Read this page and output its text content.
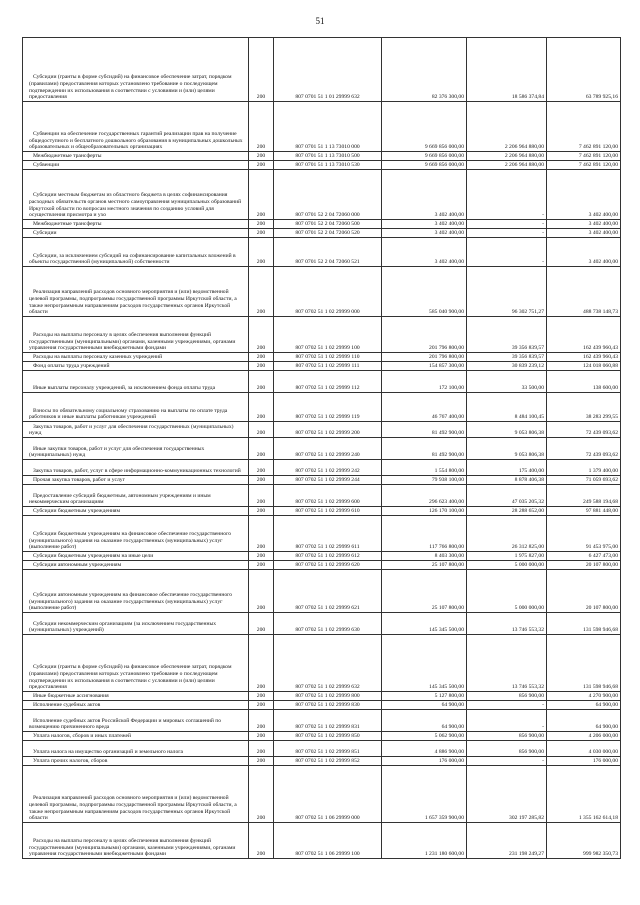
51
Субсидии (гранты в форме субсидий) на финансовое обеспечение затрат, порядком (правилами) предоставления которых установлено требование о последующем подтверждении их использования в соответствии с условиями и (или) целями предоставления	200	807 0701 51 1 01 29999 632	82 376 300,00	18 586 374,84	63 789 925,16

Субвенции на обеспечение государственных гарантий реализации прав на получение общедоступного и бесплатного дошкольного образования в муниципальных дошкольных образовательных и общеобразовательных организациях	200	807 0701 51 1 13 73010 000	9 669 856 000,00	2 206 964 880,00	7 462 891 120,00

Межбюджетные трансферты	200	807 0701 51 1 13 73010 500	9 669 856 000,00	2 206 964 880,00	7 462 891 120,00

Субвенции	200	807 0701 51 1 13 73010 530	9 669 856 000,00	2 206 964 880,00	7 462 891 120,00

Субсидии местным бюджетам из областного бюджета в целях софинансирования расходных обязательств органов местного самоуправления муниципальных образований Иркутской области по вопросам местного значения по созданию условий для осуществления присмотра и ухо	200	807 0701 52 2 04 72060 000	3 402 400,00	-	3 402 400,00

Межбюджетные трансферты	200	807 0701 52 2 04 72060 500	3 402 400,00	-	3 402 400,00

Субсидии	200	807 0701 52 2 04 72060 520	3 402 400,00	-	3 402 400,00

Субсидии, за исключением субсидий на софинансирование капитальных вложений в объекты государственной (муниципальной) собственности	200	807 0701 52 2 04 72060 521	3 402 400,00	-	3 402 400,00

Реализация направлений расходов основного мероприятия и (или) ведомственной целевой программы, подпрограммы государственной программы Иркутской области, а также непрограммным направлениям расходов государственных органов Иркутской области	200	807 0702 51 1 02 29999 000	585 040 900,00	96 302 751,27	488 738 148,73

Расходы на выплаты персоналу в целях обеспечения выполнения функций государственными (муниципальными) органами, казенными учреждениями, органами управления государственными внебюджетными фондами	200	807 0702 51 1 02 29999 100	201 796 800,00	39 356 839,57	162 439 960,43

Расходы на выплаты персоналу казенных учреждений	200	807 0702 51 1 02 29999 110	201 796 800,00	39 356 839,57	162 439 960,43

Фонд оплаты труда учреждений	200	807 0702 51 1 02 29999 111	154 857 300,00	30 839 239,12	124 018 060,88

Иные выплаты персоналу учреждений, за исключением фонда оплаты труда	200	807 0702 51 1 02 29999 112	172 100,00	33 500,00	138 600,00

Взносы по обязательному социальному страхованию на выплаты по оплате труда работников и иные выплаты работникам учреждений	200	807 0702 51 1 02 29999 119	46 767 400,00	8 484 100,45	38 283 299,55

Закупка товаров, работ и услуг для обеспечения государственных (муниципальных) нужд	200	807 0702 51 1 02 29999 200	81 492 900,00	9 053 806,38	72 439 093,62

Иные закупки товаров, работ и услуг для обеспечения государственных (муниципальных) нужд	200	807 0702 51 1 02 29999 240	81 492 900,00	9 053 806,38	72 439 093,62

Закупка товаров, работ, услуг в сфере информационно-коммуникационных технологий	200	807 0702 51 1 02 29999 242	1 554 800,00	175 400,00	1 379 400,00

Прочая закупка товаров, работ и услуг	200	807 0702 51 1 02 29999 244	79 938 100,00	8 878 406,38	71 059 693,62

Предоставление субсидий бюджетным, автономным учреждениям и иным некоммерческим организациям	200	807 0702 51 1 02 29999 600	296 623 400,00	47 035 205,32	249 588 194,68

Субсидии бюджетным учреждениям	200	807 0702 51 1 02 29999 610	126 170 100,00	28 288 652,00	97 881 448,00

Субсидии бюджетным учреждениям на финансовое обеспечение государственного (муниципального) задания на оказание государственных (муниципальных) услуг (выполнение работ)	200	807 0702 51 1 02 29999 611	117 766 800,00	26 312 825,00	91 453 975,00

Субсидии бюджетным учреждениям на иные цели	200	807 0702 51 1 02 29999 612	8 403 300,00	1 975 827,00	6 427 473,00

Субсидии автономным учреждениям	200	807 0702 51 1 02 29999 620	25 107 800,00	5 000 000,00	20 107 800,00

Субсидии автономным учреждениям на финансовое обеспечение государственного (муниципального) задания на оказание государственных (муниципальных) услуг (выполнение работ)	200	807 0702 51 1 02 29999 621	25 107 800,00	5 000 000,00	20 107 800,00

Субсидии некоммерческим организациям (за исключением государственных (муниципальных) учреждений)	200	807 0702 51 1 02 29999 630	145 345 500,00	13 746 553,32	131 598 946,68

Субсидии (гранты в форме субсидий) на финансовое обеспечение затрат, порядком (правилами) предоставления которых установлено требование о последующем подтверждении их использования в соответствии с условиями и (или) целями предоставления	200	807 0702 51 1 02 29999 632	145 345 500,00	13 746 553,32	131 598 946,68

Иные бюджетные ассигнования	200	807 0702 51 1 02 29999 800	5 127 800,00	856 900,00	4 270 900,00

Исполнение судебных актов	200	807 0702 51 1 02 29999 830	64 900,00	-	64 900,00

Исполнение судебных актов Российской Федерации и мировых соглашений по возмещению причиненного вреда	200	807 0702 51 1 02 29999 831	64 900,00	-	64 900,00

Уплата налогов, сборов и иных платежей	200	807 0702 51 1 02 29999 850	5 062 900,00	856 900,00	4 206 000,00

Уплата налога на имущество организаций и земельного налога	200	807 0702 51 1 02 29999 851	4 886 900,00	856 900,00	4 030 000,00

Уплата прочих налогов, сборов	200	807 0702 51 1 02 29999 852	176 000,00	-	176 000,00

Реализация направлений расходов основного мероприятия и (или) ведомственной целевой программы, подпрограммы государственной программы Иркутской области, а также непрограммным направлениям расходов государственных органов Иркутской области	200	807 0702 51 1 06 29999 000	1 657 359 900,00	302 197 285,82	1 355 162 614,18

Расходы на выплаты персоналу в целях обеспечения выполнения функций государственными (муниципальными) органами, казенными учреждениями, органами управления государственными внебюджетными фондами	200	807 0702 51 1 06 29999 100	1 231 180 600,00	231 198 249,27	999 982 350,73
